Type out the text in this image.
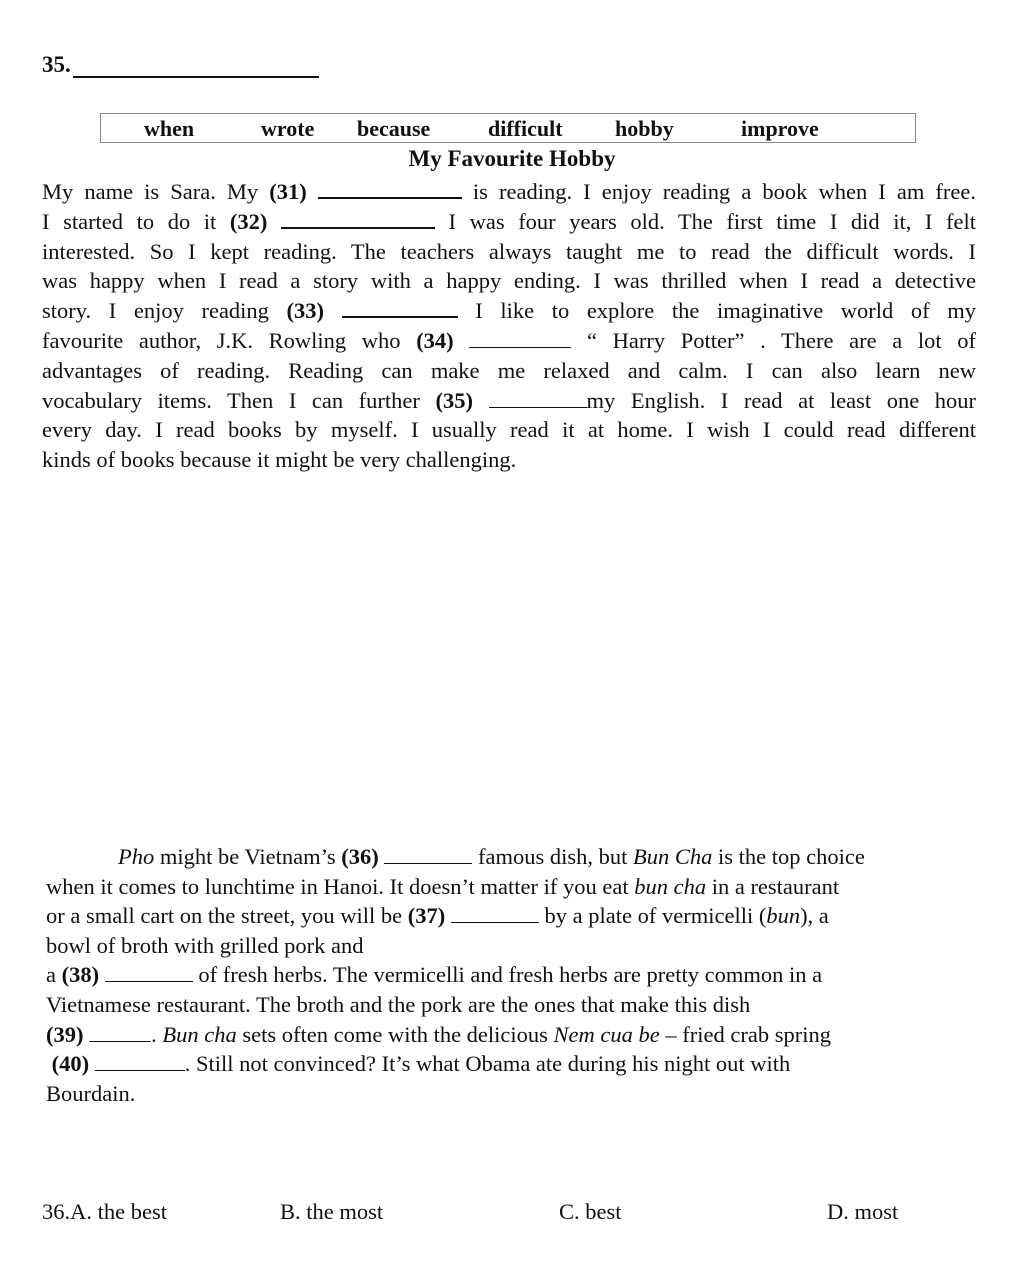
35.
when	wrote because	difficult hobby	improve
My Favourite Hobby
My name is Sara. My (31)	is reading. I enjoy reading a book when I am free.
I started to do it (32)	I was four years old. The first time I did it, I felt
interested. So I kept reading. The teachers always taught me to read the difficult words. I
was happy when I read a story with a happy ending. I was thrilled when I read a detective
story. I enjoy reading (33)	I like to explore the imaginative world of my
favourite author, J.K. Rowling who (34)	“ Harry Potter” . There are a lot of
advantages of reading. Reading can make me relaxed and calm. I can also learn new
vocabulary items. Then I can further (35)	my English. I read at least one hour
every day. I read books by myself. I usually read it at home. I wish I could read different
kinds of books because it might be very challenging.
Pho might be Vietnam’s (36)	famous dish, but Bun Cha is the top choice
when it comes to lunchtime in Hanoi. It doesn’t matter if you eat bun cha in a restaurant
or a small cart on the street, you will be (37)	by a plate of vermicelli (bun), a
bowl of broth with grilled pork and
a (38)	of fresh herbs. The vermicelli and fresh herbs are pretty common in a
Vietnamese restaurant. The broth and the pork are the ones that make this dish
(39)	. Bun cha sets often come with the delicious Nem cua be – fried crab spring
(40)	. Still not convinced? It’s what Obama ate during his night out with
Bourdain.
36.A. the best	B. the most	C. best	D. most
